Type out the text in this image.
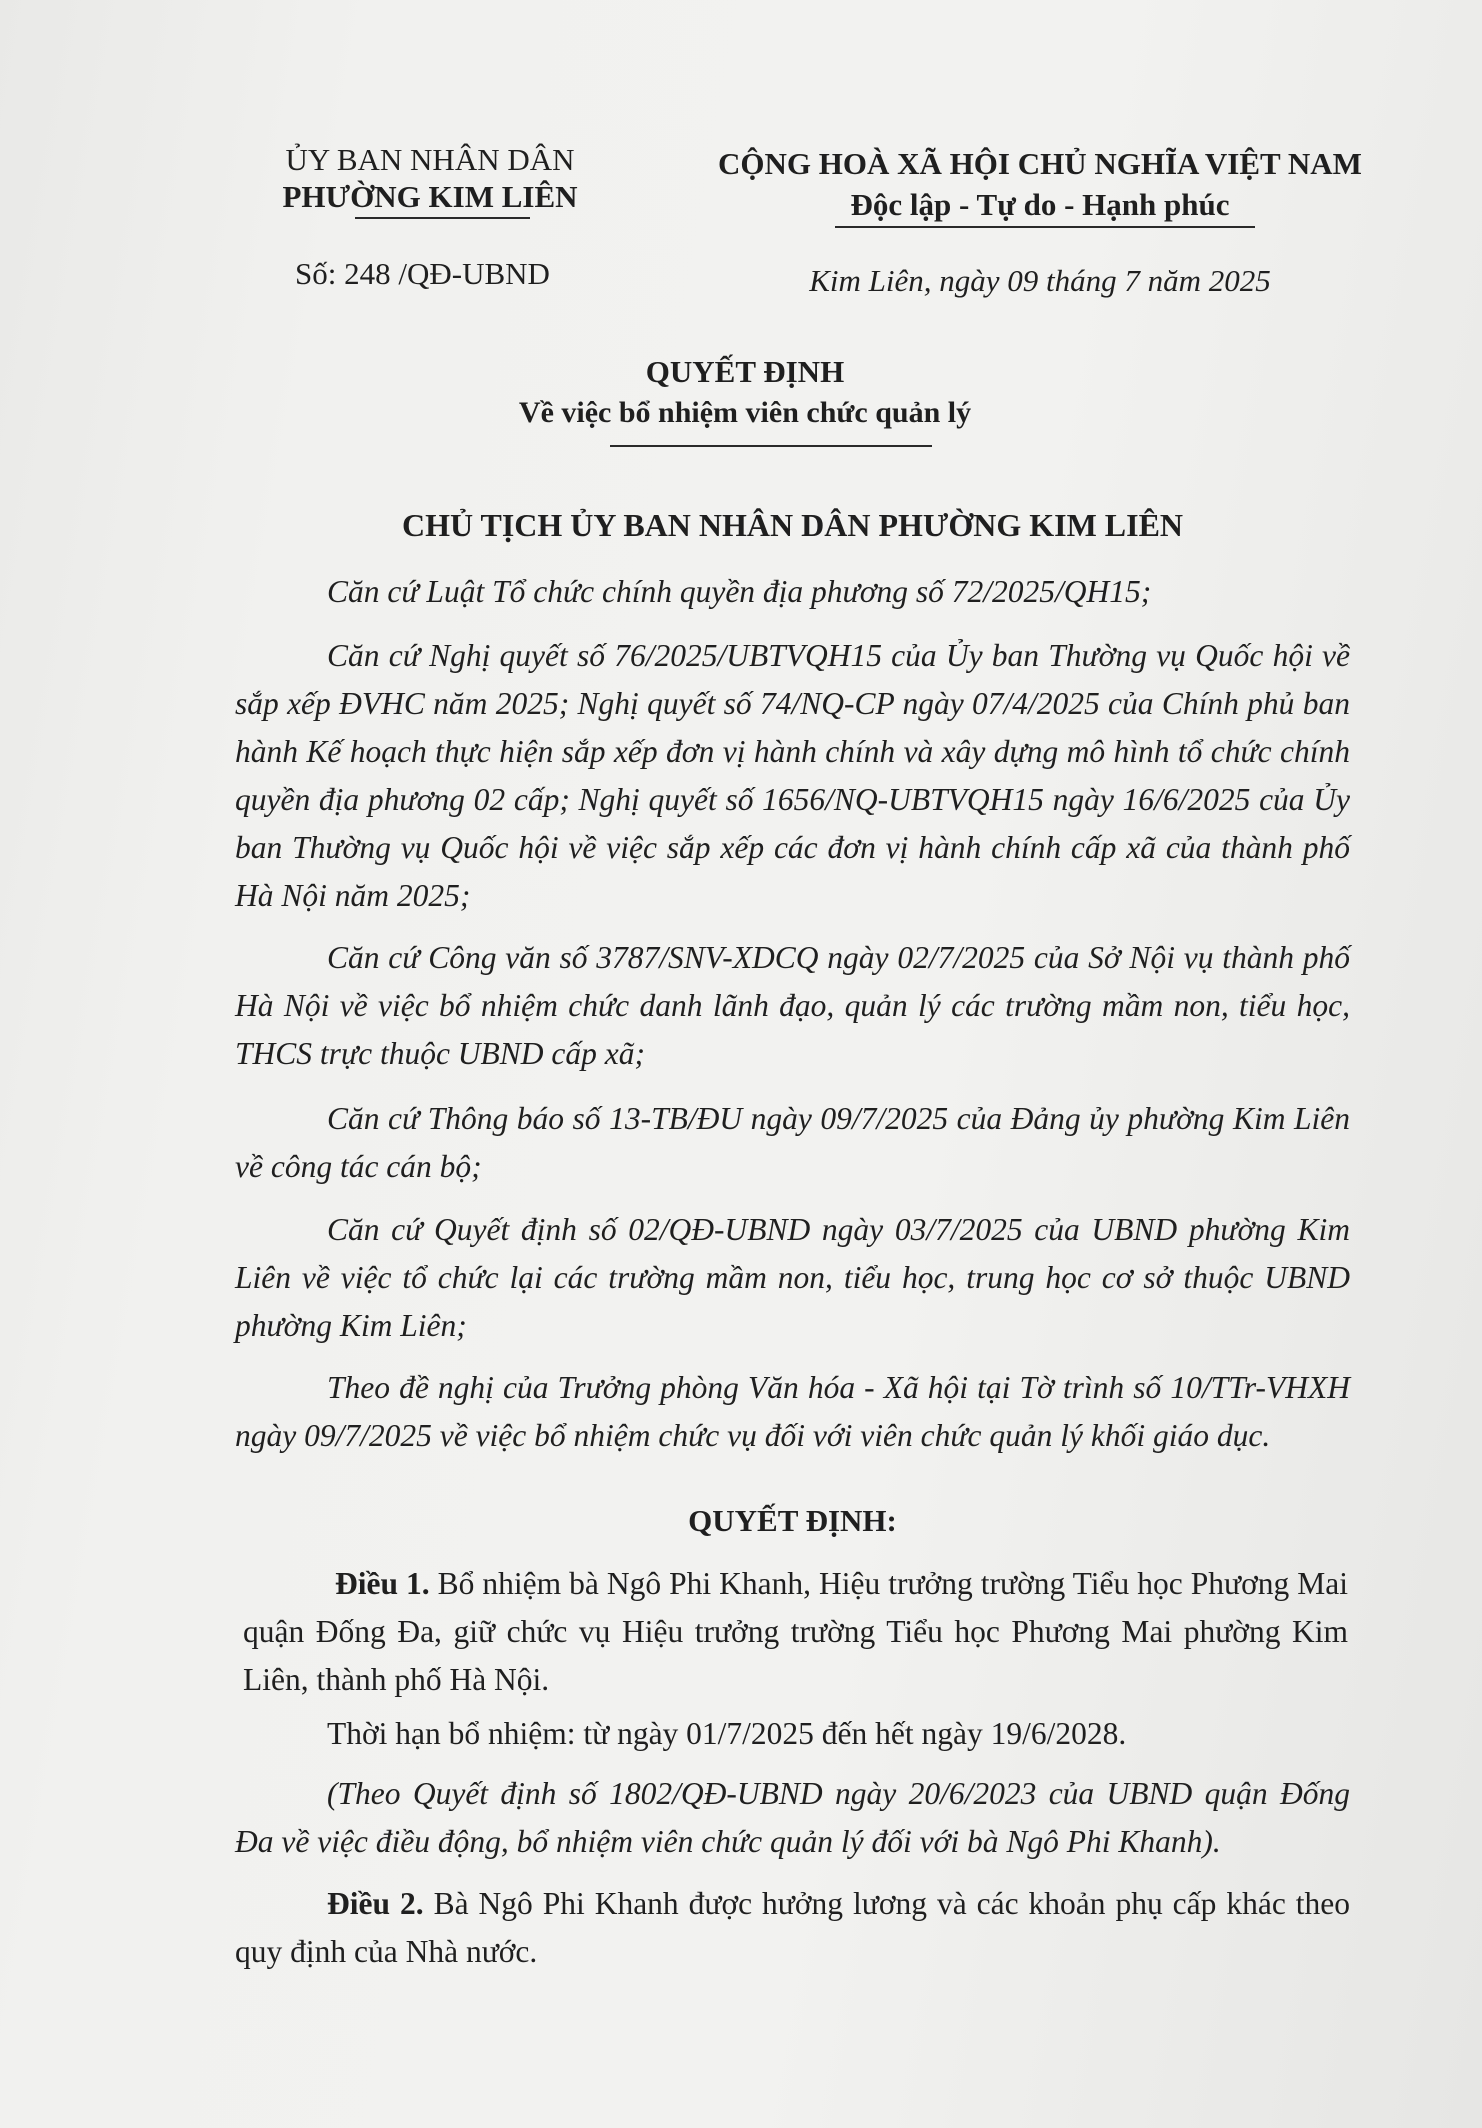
ỦY BAN NHÂN DÂN
PHƯỜNG KIM LIÊN
Số: 248 /QĐ-UBND
CỘNG HOÀ XÃ HỘI CHỦ NGHĨA VIỆT NAM
Độc lập - Tự do - Hạnh phúc
Kim Liên, ngày 09 tháng 7 năm 2025
QUYẾT ĐỊNH
Về việc bổ nhiệm viên chức quản lý
CHỦ TỊCH ỦY BAN NHÂN DÂN PHƯỜNG KIM LIÊN
Căn cứ Luật Tổ chức chính quyền địa phương số 72/2025/QH15;
Căn cứ Nghị quyết số 76/2025/UBTVQH15 của Ủy ban Thường vụ Quốc hội về sắp xếp ĐVHC năm 2025; Nghị quyết số 74/NQ-CP ngày 07/4/2025 của Chính phủ ban hành Kế hoạch thực hiện sắp xếp đơn vị hành chính và xây dựng mô hình tổ chức chính quyền địa phương 02 cấp; Nghị quyết số 1656/NQ-UBTVQH15 ngày 16/6/2025 của Ủy ban Thường vụ Quốc hội về việc sắp xếp các đơn vị hành chính cấp xã của thành phố Hà Nội năm 2025;
Căn cứ Công văn số 3787/SNV-XDCQ ngày 02/7/2025 của Sở Nội vụ thành phố Hà Nội về việc bổ nhiệm chức danh lãnh đạo, quản lý các trường mầm non, tiểu học, THCS trực thuộc UBND cấp xã;
Căn cứ Thông báo số 13-TB/ĐU ngày 09/7/2025 của Đảng ủy phường Kim Liên về công tác cán bộ;
Căn cứ Quyết định số 02/QĐ-UBND ngày 03/7/2025 của UBND phường Kim Liên về việc tổ chức lại các trường mầm non, tiểu học, trung học cơ sở thuộc UBND phường Kim Liên;
Theo đề nghị của Trưởng phòng Văn hóa - Xã hội tại Tờ trình số 10/TTr-VHXH ngày 09/7/2025 về việc bổ nhiệm chức vụ đối với viên chức quản lý khối giáo dục.
QUYẾT ĐỊNH:
Điều 1. Bổ nhiệm bà Ngô Phi Khanh, Hiệu trưởng trường Tiểu học Phương Mai quận Đống Đa, giữ chức vụ Hiệu trưởng trường Tiểu học Phương Mai phường Kim Liên, thành phố Hà Nội.
Thời hạn bổ nhiệm: từ ngày 01/7/2025 đến hết ngày 19/6/2028.
(Theo Quyết định số 1802/QĐ-UBND ngày 20/6/2023 của UBND quận Đống Đa về việc điều động, bổ nhiệm viên chức quản lý đối với bà Ngô Phi Khanh).
Điều 2. Bà Ngô Phi Khanh được hưởng lương và các khoản phụ cấp khác theo quy định của Nhà nước.
